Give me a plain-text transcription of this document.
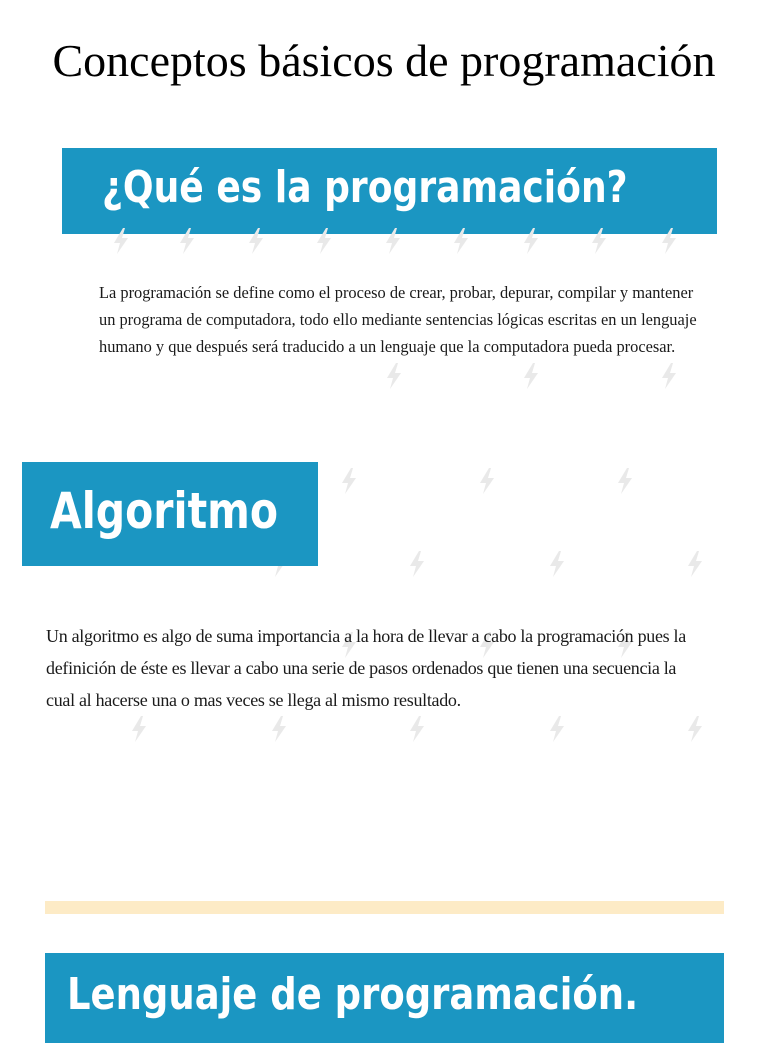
Conceptos básicos de programación
¿Qué es la programación?

La programación se define como el proceso de crear, probar, depurar, compilar y mantener un programa de computadora, todo ello mediante sentencias lógicas escritas en un lenguaje humano y que después será traducido a un lenguaje que la computadora pueda procesar.

Algoritmo

Un algoritmo es algo de suma importancia a la hora de llevar a cabo la programación pues la definición de éste es llevar a cabo una serie de pasos ordenados que tienen una secuencia la cual al hacerse una o mas veces se llega al mismo resultado.

Lenguaje de programación.
